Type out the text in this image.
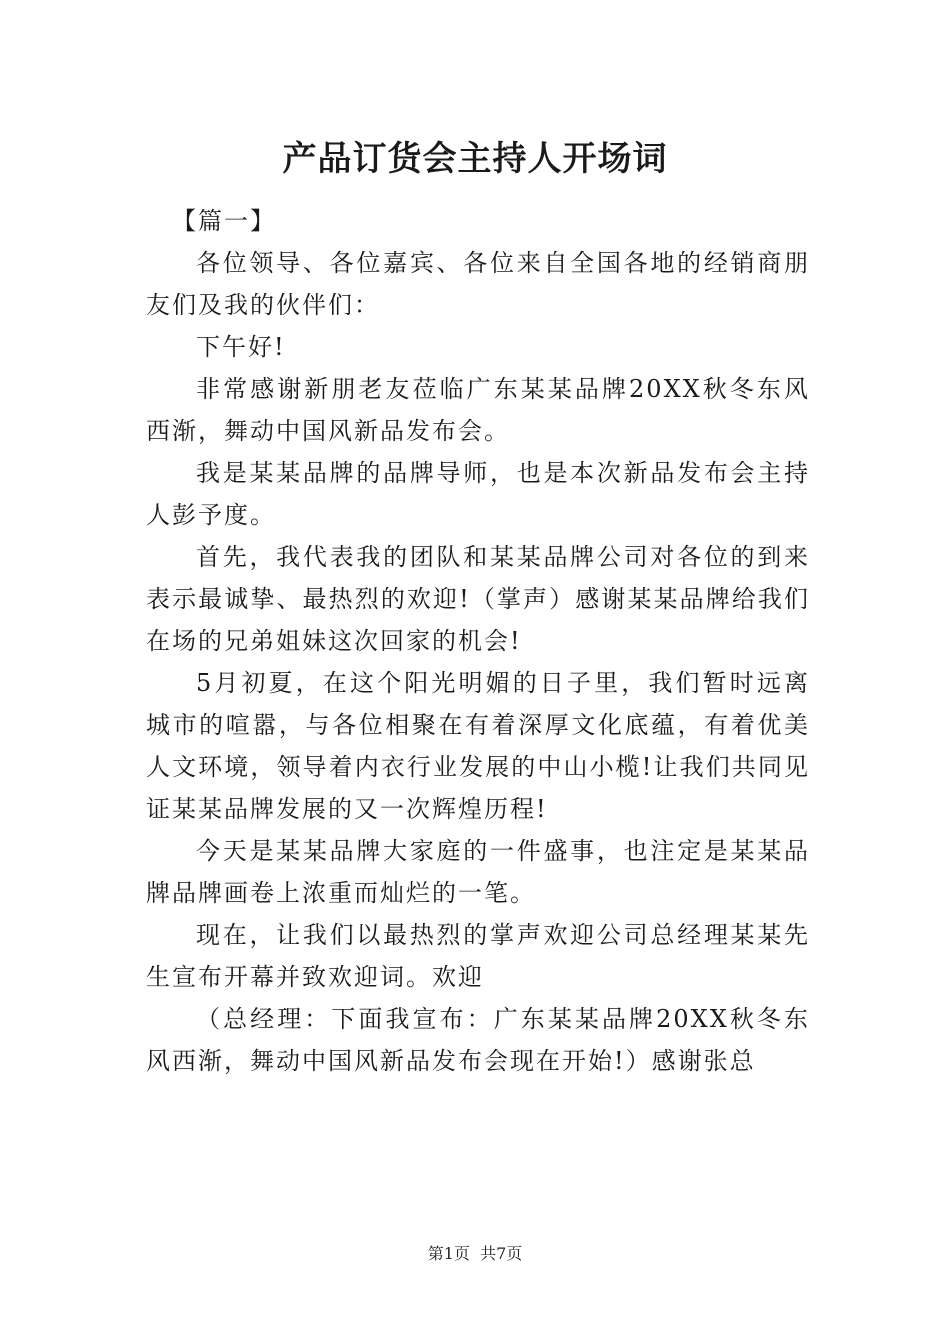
产品订货会主持人开场词

【篇一】

各位领导、各位嘉宾、各位来自全国各地的经销商朋友们及我的伙伴们：

下午好!

非常感谢新朋老友莅临广东某某品牌20XX秋冬东风西渐，舞动中国风新品发布会。

我是某某品牌的品牌导师，也是本次新品发布会主持人彭予度。

首先，我代表我的团队和某某品牌公司对各位的到来表示最诚挚、最热烈的欢迎!（掌声）感谢某某品牌给我们在场的兄弟姐妹这次回家的机会!

5月初夏，在这个阳光明媚的日子里，我们暂时远离城市的喧嚣，与各位相聚在有着深厚文化底蕴，有着优美人文环境，领导着内衣行业发展的中山小榄!让我们共同见证某某品牌发展的又一次辉煌历程!

今天是某某品牌大家庭的一件盛事，也注定是某某品牌品牌画卷上浓重而灿烂的一笔。

现在，让我们以最热烈的掌声欢迎公司总经理某某先生宣布开幕并致欢迎词。欢迎

（总经理：下面我宣布：广东某某品牌20XX秋冬东风西渐，舞动中国风新品发布会现在开始!）感谢张总

第1页 共7页
